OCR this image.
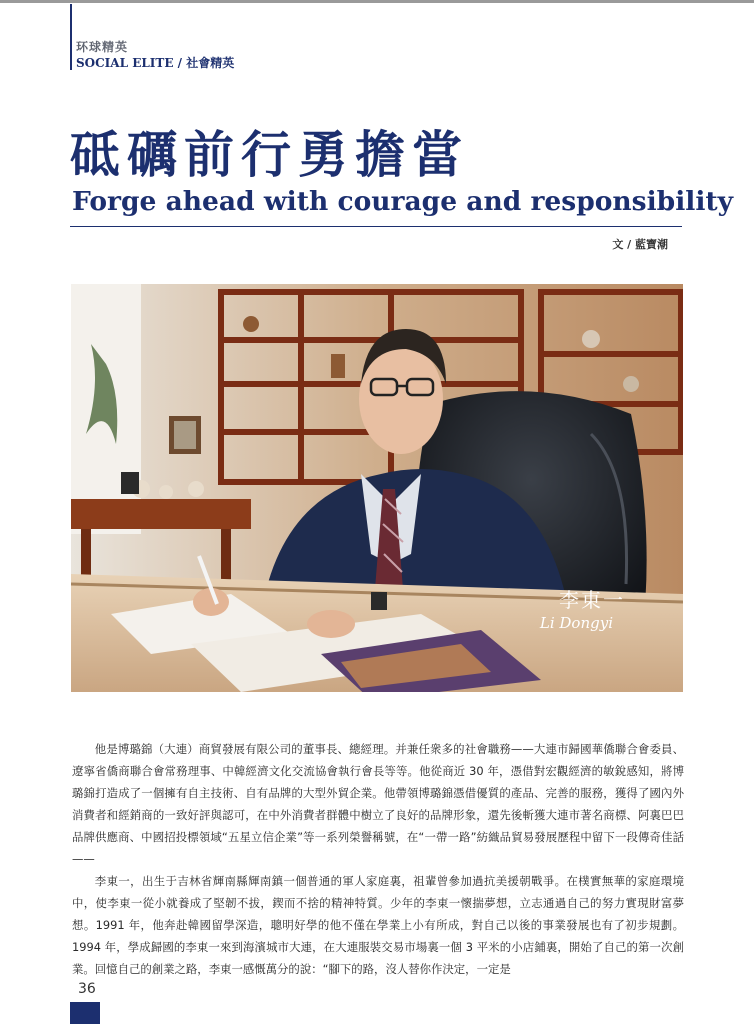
环球精英
SOCIAL ELITE / 社會精英
砥礪前行勇擔當
Forge ahead with courage and responsibility
文 / 藍寶潮
李東一
Li Dongyi

他是博璐錦（大連）商貿發展有限公司的董事長、總經理。并兼任衆多的社會職務——大連市歸國華僑聯合會委員、遼寧省僑商聯合會常務理事、中韓經濟文化交流協會執行會長等等。他從商近 30 年，憑借對宏觀經濟的敏銳感知，將博璐錦打造成了一個擁有自主技術、自有品牌的大型外貿企業。他帶領博璐錦憑借優質的產品、完善的服務，獲得了國內外消費者和經銷商的一致好評與認可，在中外消費者群體中樹立了良好的品牌形象，還先後斬獲大連市著名商標、阿裏巴巴品牌供應商、中國招投標領域“五星立信企業”等一系列榮譽稱號，在“一帶一路”紡織品貿易發展歷程中留下一段傳奇佳話——

李東一，出生于吉林省輝南縣輝南鎮一個普通的軍人家庭裏，祖輩曾參加過抗美援朝戰爭。在樸實無華的家庭環境中，使李東一從小就養成了堅韌不拔，鍥而不捨的精神特質。少年的李東一懷揣夢想，立志通過自己的努力實現財富夢想。1991 年，他奔赴韓國留學深造，聰明好學的他不僅在學業上小有所成，對自己以後的事業發展也有了初步規劃。1994 年，學成歸國的李東一來到海濱城市大連，在大連服裝交易市場裏一個 3 平米的小店鋪裏，開始了自己的第一次創業。回憶自己的創業之路，李東一感慨萬分的說：“腳下的路，沒人替你作決定，一定是

36
